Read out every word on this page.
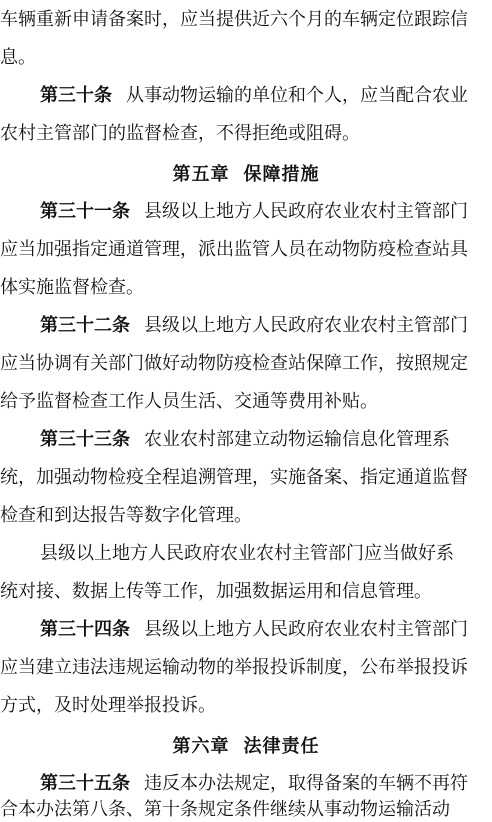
车辆重新申请备案时，应当提供近六个月的车辆定位跟踪信
息。
第三十条 从事动物运输的单位和个人，应当配合农业
农村主管部门的监督检查，不得拒绝或阻碍。
第五章 保障措施
第三十一条 县级以上地方人民政府农业农村主管部门
应当加强指定通道管理，派出监管人员在动物防疫检查站具
体实施监督检查。
第三十二条 县级以上地方人民政府农业农村主管部门
应当协调有关部门做好动物防疫检查站保障工作，按照规定
给予监督检查工作人员生活、交通等费用补贴。
第三十三条 农业农村部建立动物运输信息化管理系
统，加强动物检疫全程追溯管理，实施备案、指定通道监督
检查和到达报告等数字化管理。
县级以上地方人民政府农业农村主管部门应当做好系
统对接、数据上传等工作，加强数据运用和信息管理。
第三十四条 县级以上地方人民政府农业农村主管部门
应当建立违法违规运输动物的举报投诉制度，公布举报投诉
方式，及时处理举报投诉。
第六章 法律责任
第三十五条 违反本办法规定，取得备案的车辆不再符
合本办法第八条、第十条规定条件继续从事动物运输活动
